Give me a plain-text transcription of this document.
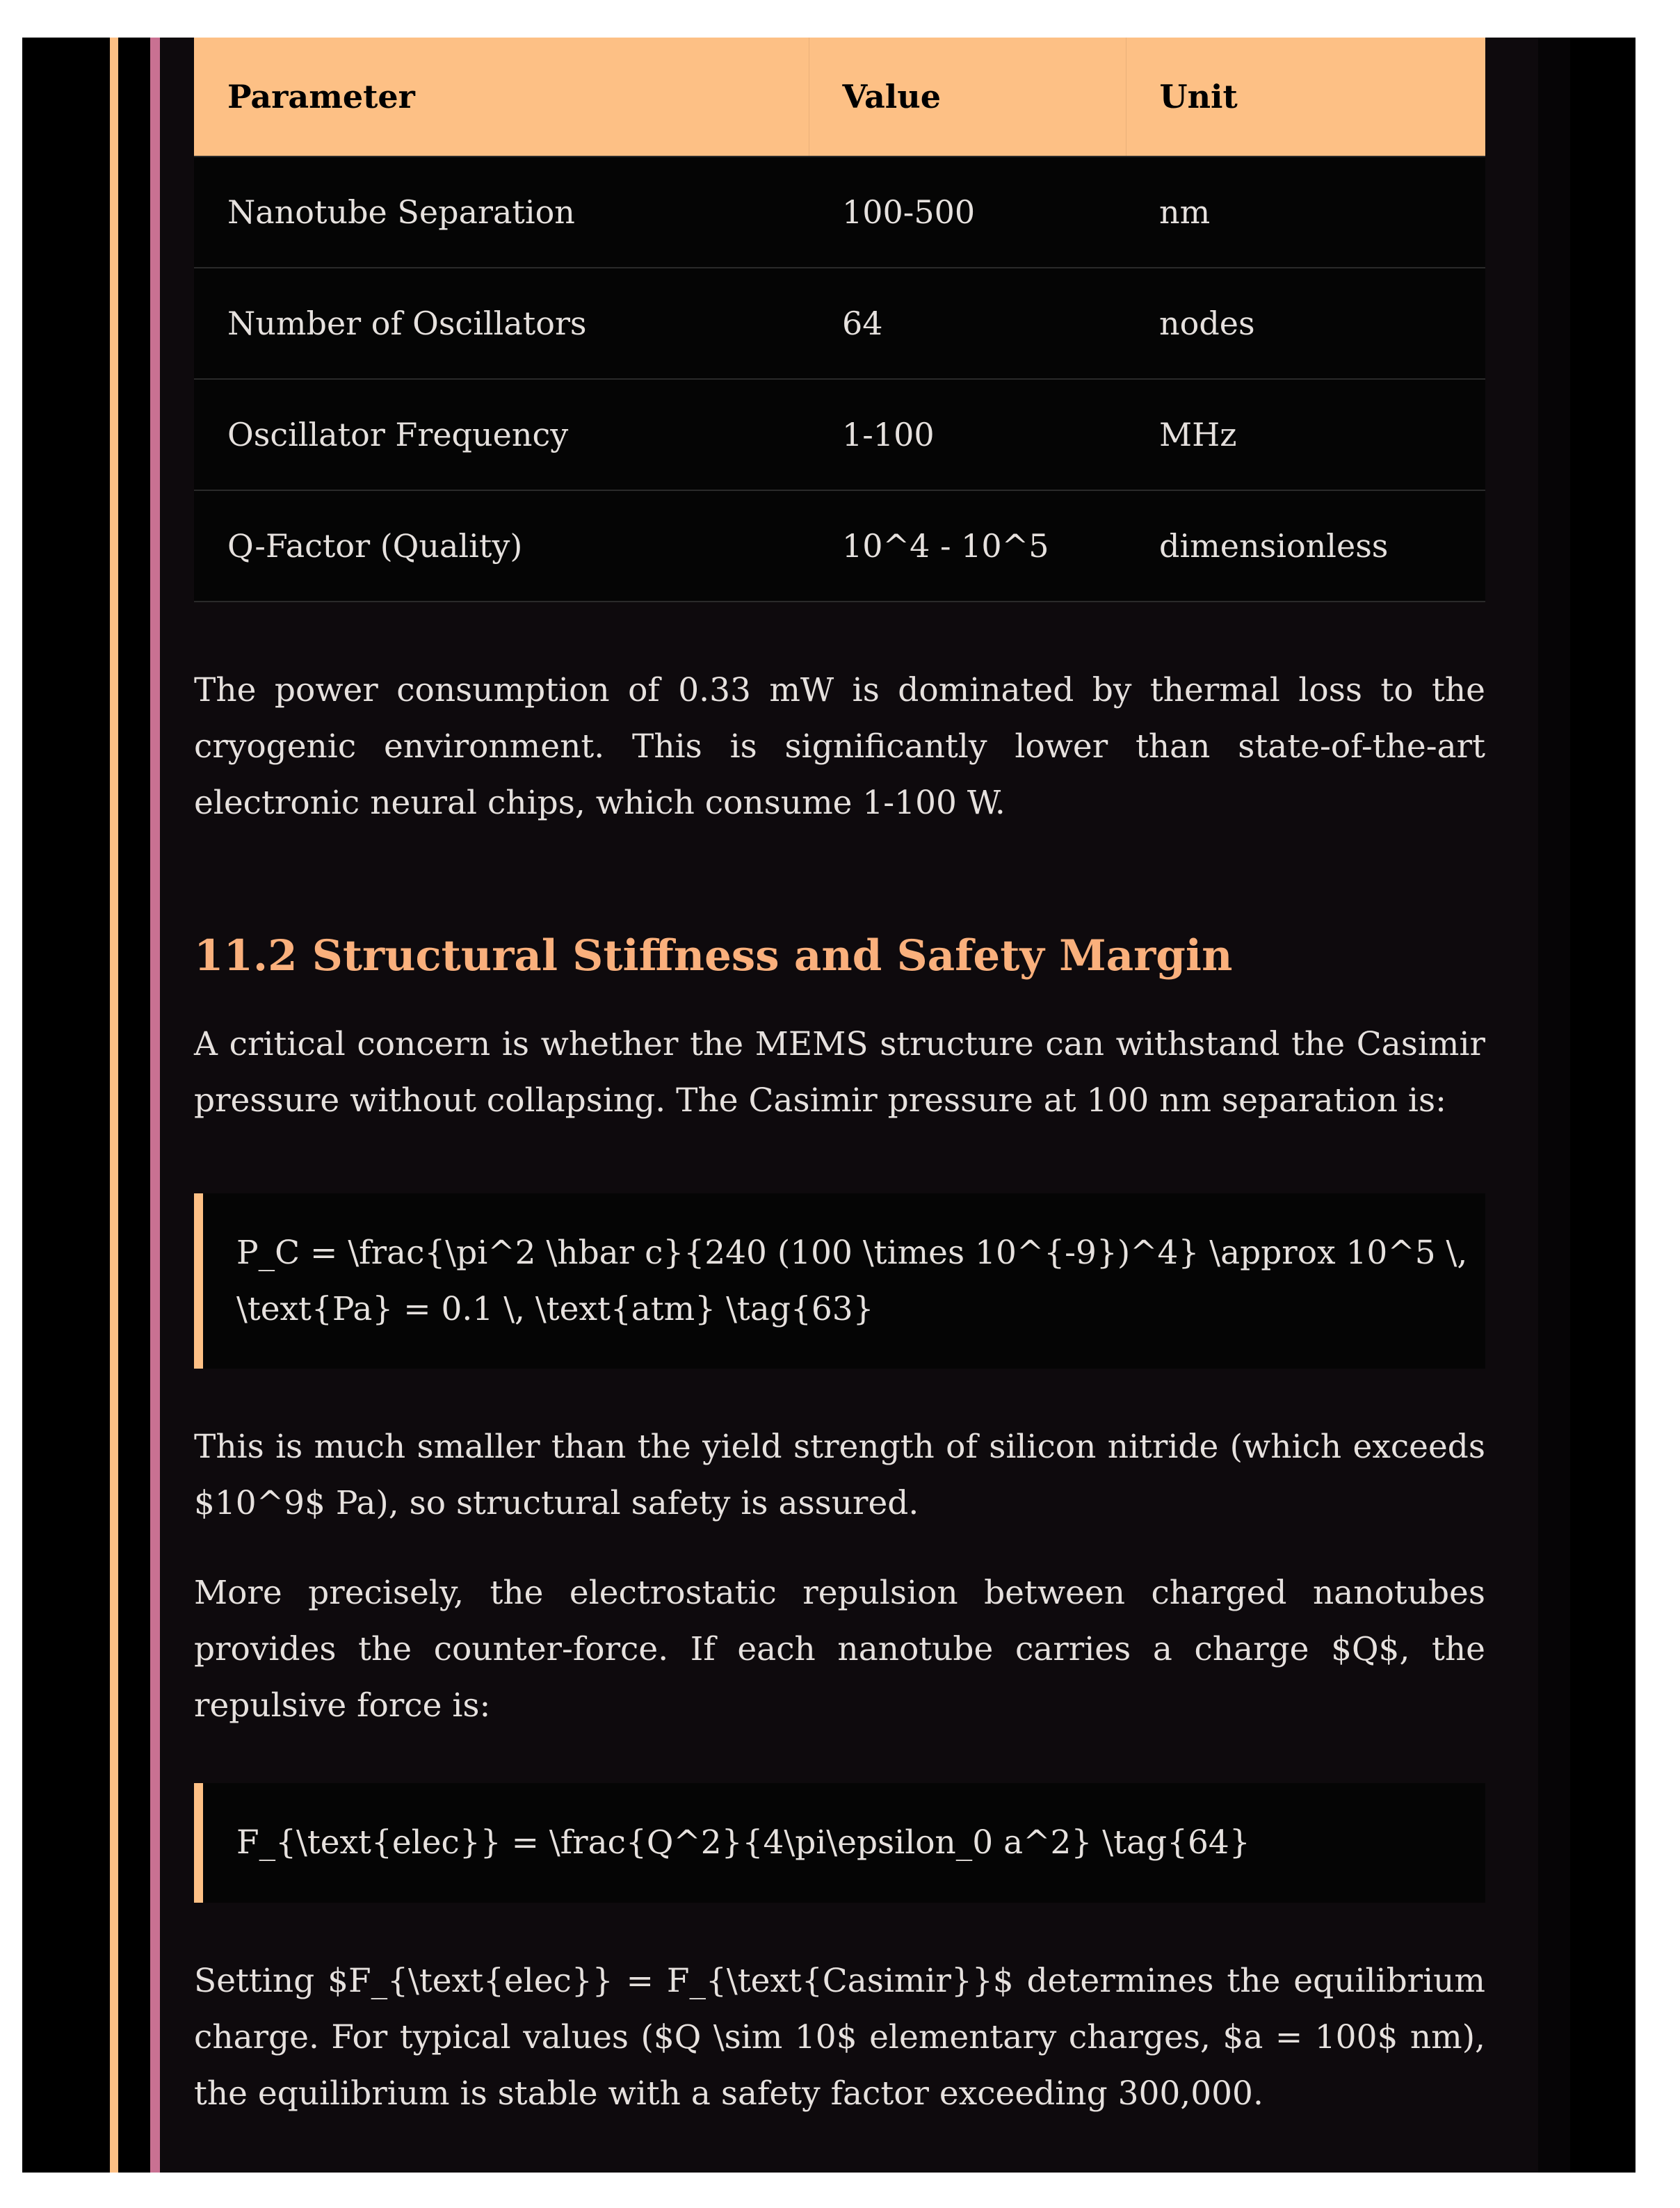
Parameter	Value	Unit
Nanotube Separation	100-500	nm
Number of Oscillators	64	nodes
Oscillator Frequency	1-100	MHz
Q-Factor (Quality)	10^4 - 10^5	dimensionless

The power consumption of 0.33 mW is dominated by thermal loss to the cryogenic environment. This is significantly lower than state-of-the-art electronic neural chips, which consume 1-100 W.

11.2 Structural Stiffness and Safety Margin

A critical concern is whether the MEMS structure can withstand the Casimir pressure without collapsing. The Casimir pressure at 100 nm separation is:

P_C = \frac{\pi^2 \hbar c}{240 (100 \times 10^{-9})^4} \approx 10^5 \, \text{Pa} = 0.1 \, \text{atm} \tag{63}

This is much smaller than the yield strength of silicon nitride (which exceeds $10^9$ Pa), so structural safety is assured.

More precisely, the electrostatic repulsion between charged nanotubes provides the counter-force. If each nanotube carries a charge $Q$, the repulsive force is:

F_{\text{elec}} = \frac{Q^2}{4\pi\epsilon_0 a^2} \tag{64}

Setting $F_{\text{elec}} = F_{\text{Casimir}}$ determines the equilibrium charge. For typical values ($Q \sim 10$ elementary charges, $a = 100$ nm), the equilibrium is stable with a safety factor exceeding 300,000.
